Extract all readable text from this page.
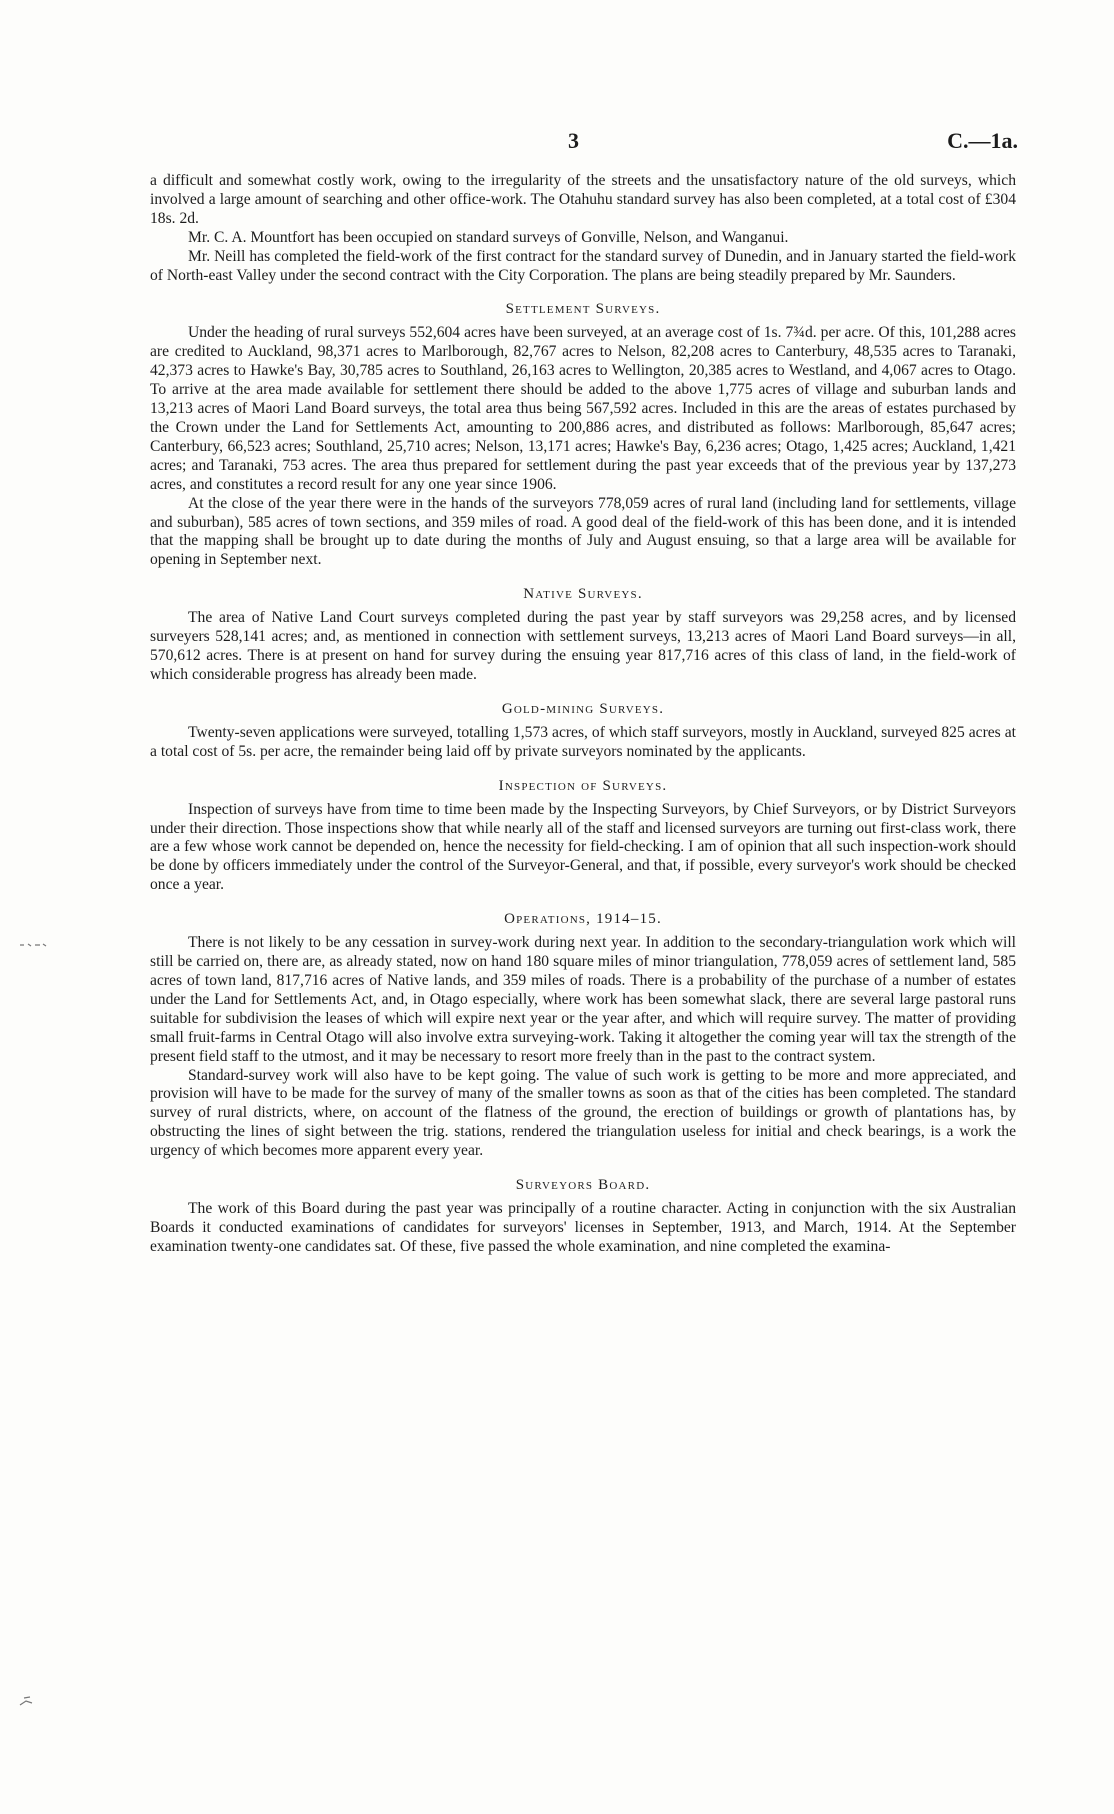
3	C.—1a.

a difficult and somewhat costly work, owing to the irregularity of the streets and the unsatisfactory nature of the old surveys, which involved a large amount of searching and other office-work. The Otahuhu standard survey has also been completed, at a total cost of £304 18s. 2d.

Mr. C. A. Mountfort has been occupied on standard surveys of Gonville, Nelson, and Wanganui.

Mr. Neill has completed the field-work of the first contract for the standard survey of Dunedin, and in January started the field-work of North-east Valley under the second contract with the City Corporation. The plans are being steadily prepared by Mr. Saunders.

Settlement Surveys.

Under the heading of rural surveys 552,604 acres have been surveyed, at an average cost of 1s. 7¾d. per acre. Of this, 101,288 acres are credited to Auckland, 98,371 acres to Marlborough, 82,767 acres to Nelson, 82,208 acres to Canterbury, 48,535 acres to Taranaki, 42,373 acres to Hawke's Bay, 30,785 acres to Southland, 26,163 acres to Wellington, 20,385 acres to Westland, and 4,067 acres to Otago. To arrive at the area made available for settlement there should be added to the above 1,775 acres of village and suburban lands and 13,213 acres of Maori Land Board surveys, the total area thus being 567,592 acres. Included in this are the areas of estates purchased by the Crown under the Land for Settlements Act, amounting to 200,886 acres, and distributed as follows: Marlborough, 85,647 acres; Canterbury, 66,523 acres; Southland, 25,710 acres; Nelson, 13,171 acres; Hawke's Bay, 6,236 acres; Otago, 1,425 acres; Auckland, 1,421 acres; and Taranaki, 753 acres. The area thus prepared for settlement during the past year exceeds that of the previous year by 137,273 acres, and constitutes a record result for any one year since 1906.

At the close of the year there were in the hands of the surveyors 778,059 acres of rural land (including land for settlements, village and suburban), 585 acres of town sections, and 359 miles of road. A good deal of the field-work of this has been done, and it is intended that the mapping shall be brought up to date during the months of July and August ensuing, so that a large area will be available for opening in September next.

Native Surveys.

The area of Native Land Court surveys completed during the past year by staff surveyors was 29,258 acres, and by licensed surveyers 528,141 acres; and, as mentioned in connection with settlement surveys, 13,213 acres of Maori Land Board surveys—in all, 570,612 acres. There is at present on hand for survey during the ensuing year 817,716 acres of this class of land, in the field-work of which considerable progress has already been made.

Gold-mining Surveys.

Twenty-seven applications were surveyed, totalling 1,573 acres, of which staff surveyors, mostly in Auckland, surveyed 825 acres at a total cost of 5s. per acre, the remainder being laid off by private surveyors nominated by the applicants.

Inspection of Surveys.

Inspection of surveys have from time to time been made by the Inspecting Surveyors, by Chief Surveyors, or by District Surveyors under their direction. Those inspections show that while nearly all of the staff and licensed surveyors are turning out first-class work, there are a few whose work cannot be depended on, hence the necessity for field-checking. I am of opinion that all such inspection-work should be done by officers immediately under the control of the Surveyor-General, and that, if possible, every surveyor's work should be checked once a year.

Operations, 1914–15.

There is not likely to be any cessation in survey-work during next year. In addition to the secondary-triangulation work which will still be carried on, there are, as already stated, now on hand 180 square miles of minor triangulation, 778,059 acres of settlement land, 585 acres of town land, 817,716 acres of Native lands, and 359 miles of roads. There is a probability of the purchase of a number of estates under the Land for Settlements Act, and, in Otago especially, where work has been somewhat slack, there are several large pastoral runs suitable for subdivision the leases of which will expire next year or the year after, and which will require survey. The matter of providing small fruit-farms in Central Otago will also involve extra surveying-work. Taking it altogether the coming year will tax the strength of the present field staff to the utmost, and it may be necessary to resort more freely than in the past to the contract system.

Standard-survey work will also have to be kept going. The value of such work is getting to be more and more appreciated, and provision will have to be made for the survey of many of the smaller towns as soon as that of the cities has been completed. The standard survey of rural districts, where, on account of the flatness of the ground, the erection of buildings or growth of plantations has, by obstructing the lines of sight between the trig. stations, rendered the triangulation useless for initial and check bearings, is a work the urgency of which becomes more apparent every year.

Surveyors Board.

The work of this Board during the past year was principally of a routine character. Acting in conjunction with the six Australian Boards it conducted examinations of candidates for surveyors' licenses in September, 1913, and March, 1914. At the September examination twenty-one candidates sat. Of these, five passed the whole examination, and nine completed the examina-
